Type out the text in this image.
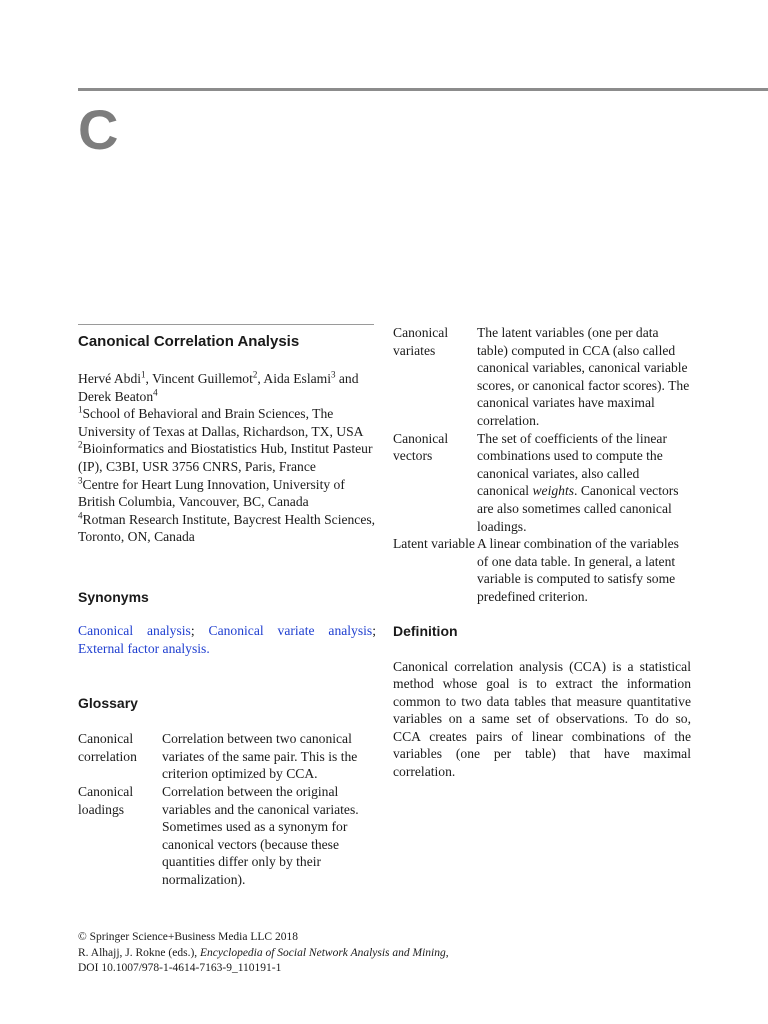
C
Canonical Correlation Analysis
Hervé Abdi$^1$, Vincent Guillemot$^2$, Aida Eslami$^3$ and Derek Beaton$^4$
$^1$School of Behavioral and Brain Sciences, The University of Texas at Dallas, Richardson, TX, USA
$^2$Bioinformatics and Biostatistics Hub, Institut Pasteur (IP), C3BI, USR 3756 CNRS, Paris, France
$^3$Centre for Heart Lung Innovation, University of British Columbia, Vancouver, BC, Canada
$^4$Rotman Research Institute, Baycrest Health Sciences, Toronto, ON, Canada
Synonyms
Canonical analysis; Canonical variate analysis; External factor analysis.
Glossary
Canonical correlation
Correlation between two canonical variates of the same pair. This is the criterion optimized by CCA.
Canonical loadings
Correlation between the original variables and the canonical variates. Sometimes used as a synonym for canonical vectors (because these quantities differ only by their normalization).
Canonical variates
The latent variables (one per data table) computed in CCA (also called canonical variables, canonical variable scores, or canonical factor scores). The canonical variates have maximal correlation.
Canonical vectors
The set of coefficients of the linear combinations used to compute the canonical variates, also called canonical weights. Canonical vectors are also sometimes called canonical loadings.
Latent variable A linear combination of the variables of one data table. In general, a latent variable is computed to satisfy some predefined criterion.
Definition
Canonical correlation analysis (CCA) is a statistical method whose goal is to extract the information common to two data tables that measure quantitative variables on a same set of observations. To do so, CCA creates pairs of linear combinations of the variables (one per table) that have maximal correlation.
© Springer Science+Business Media LLC 2018
R. Alhajj, J. Rokne (eds.), Encyclopedia of Social Network Analysis and Mining,
DOI 10.1007/978-1-4614-7163-9_110191-1
